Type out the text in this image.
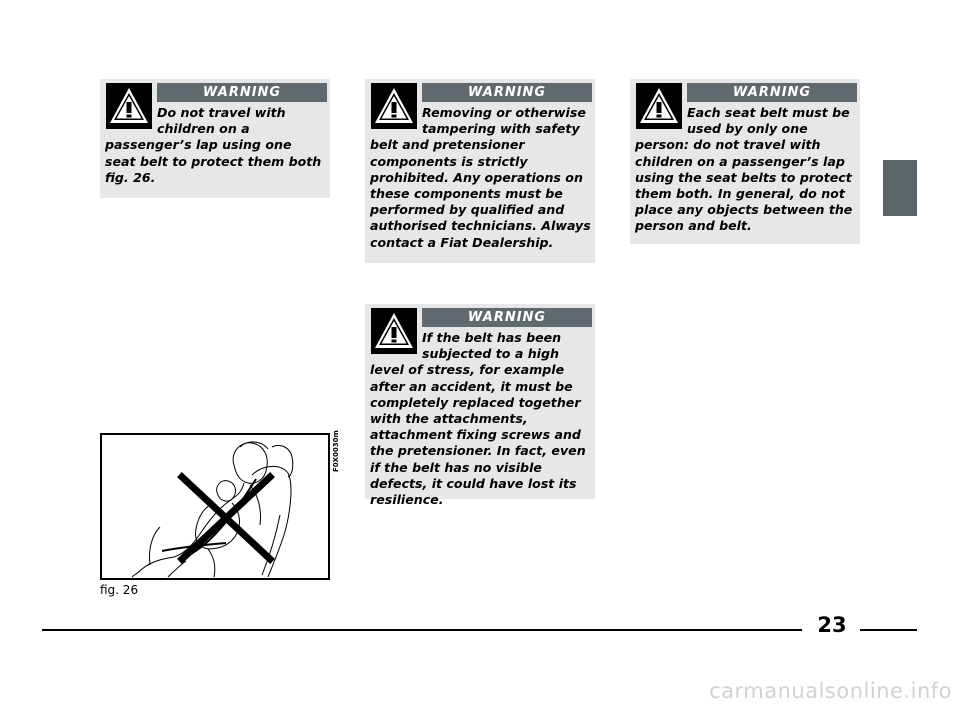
WARNING

Do not travel with children on a passenger’s lap using one seat belt to protect them both fig. 26.

WARNING

Removing or otherwise tampering with safety belt and pretensioner components is strictly prohibited. Any operations on these components must be performed by qualified and authorised technicians. Always contact a Fiat Dealership.

WARNING

Each seat belt must be used by only one person: do not travel with children on a passenger’s lap using the seat belts to protect them both. In general, do not place any objects between the person and belt.

WARNING

If the belt has been subjected to a high level of stress, for example after an accident, it must be completely replaced together with the attachments, attachment fixing screws and the pretensioner. In fact, even if the belt has no visible defects, it could have lost its resilience.

F0X0030m
fig. 26
23
carmanualsonline.info
